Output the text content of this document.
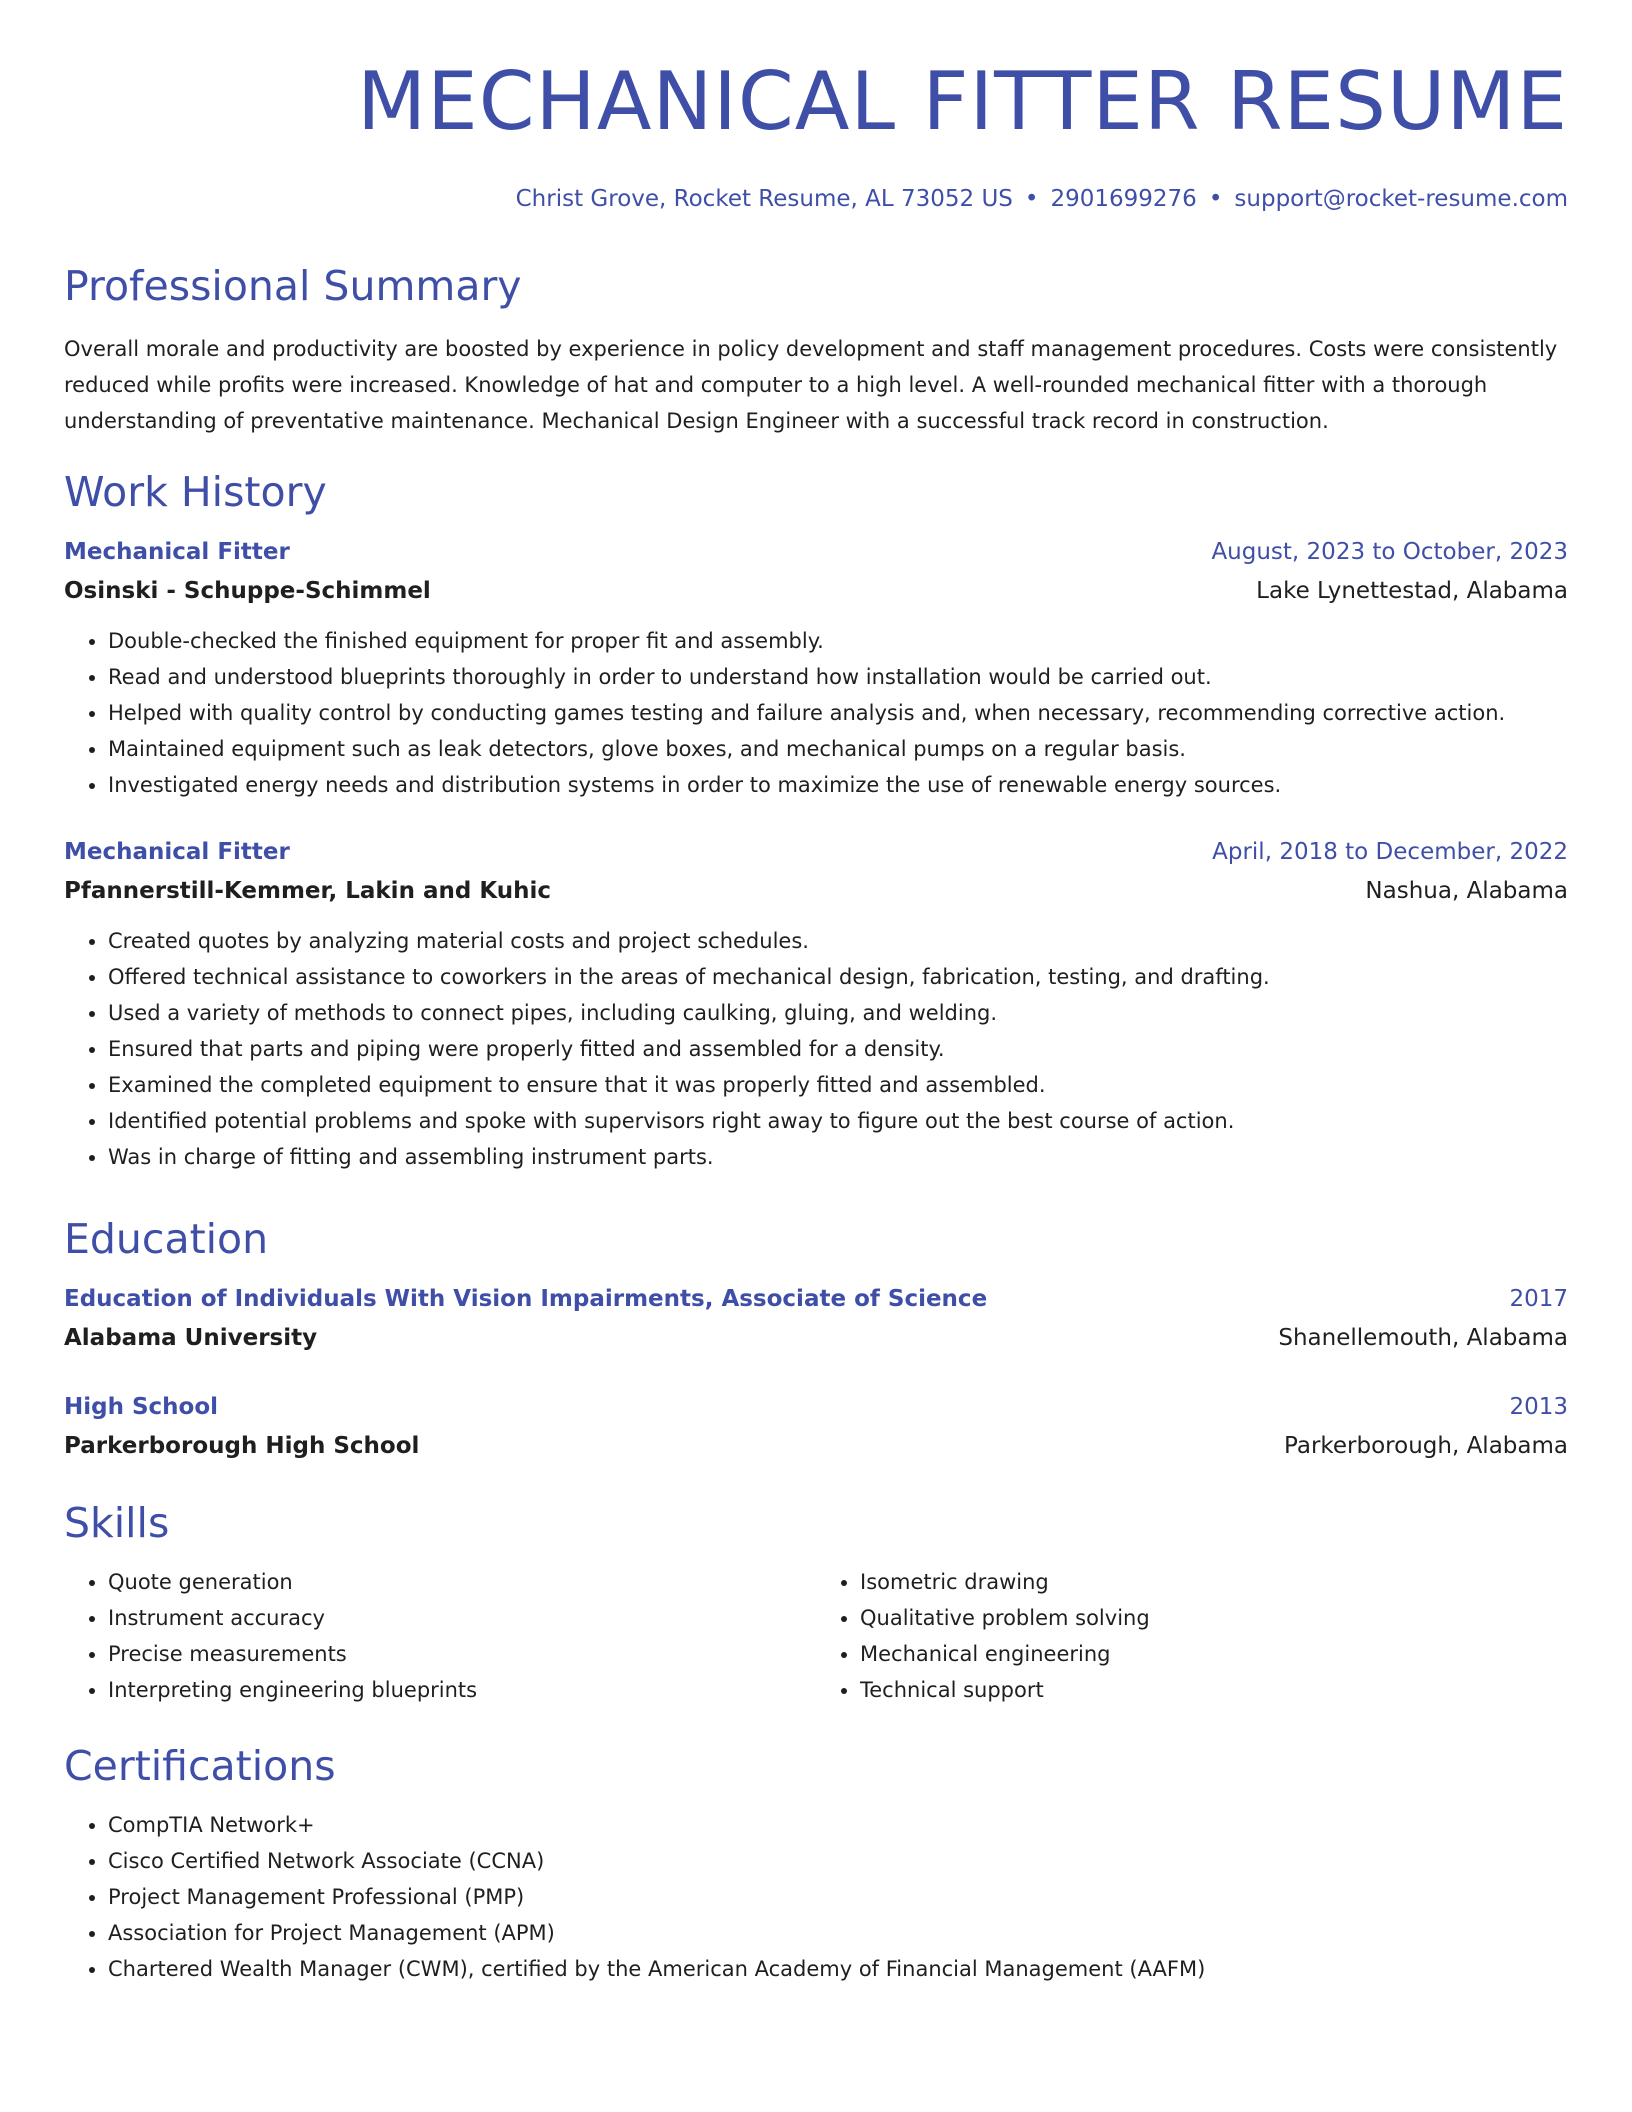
MECHANICAL FITTER RESUME
Christ Grove, Rocket Resume, AL 73052 US • 2901699276 • support@rocket-resume.com
Professional Summary

Overall morale and productivity are boosted by experience in policy development and staff management procedures. Costs were consistently reduced while profits were increased. Knowledge of hat and computer to a high level. A well-rounded mechanical fitter with a thorough understanding of preventative maintenance. Mechanical Design Engineer with a successful track record in construction.

Work History
Mechanical Fitter	August, 2023 to October, 2023
Osinski - Schuppe-Schimmel	Lake Lynettestad, Alabama
• Double-checked the finished equipment for proper fit and assembly.
• Read and understood blueprints thoroughly in order to understand how installation would be carried out.
• Helped with quality control by conducting games testing and failure analysis and, when necessary, recommending corrective action.
• Maintained equipment such as leak detectors, glove boxes, and mechanical pumps on a regular basis.
• Investigated energy needs and distribution systems in order to maximize the use of renewable energy sources.
Mechanical Fitter	April, 2018 to December, 2022
Pfannerstill-Kemmer, Lakin and Kuhic	Nashua, Alabama
• Created quotes by analyzing material costs and project schedules.
• Offered technical assistance to coworkers in the areas of mechanical design, fabrication, testing, and drafting.
• Used a variety of methods to connect pipes, including caulking, gluing, and welding.
• Ensured that parts and piping were properly fitted and assembled for a density.
• Examined the completed equipment to ensure that it was properly fitted and assembled.
• Identified potential problems and spoke with supervisors right away to figure out the best course of action.
• Was in charge of fitting and assembling instrument parts.
Education
Education of Individuals With Vision Impairments, Associate of Science	2017
Alabama University	Shanellemouth, Alabama
High School	2013
Parkerborough High School	Parkerborough, Alabama
Skills
• Quote generation
• Instrument accuracy
• Precise measurements
• Interpreting engineering blueprints
• Isometric drawing
• Qualitative problem solving
• Mechanical engineering
• Technical support
Certifications
• CompTIA Network+
• Cisco Certified Network Associate (CCNA)
• Project Management Professional (PMP)
• Association for Project Management (APM)
• Chartered Wealth Manager (CWM), certified by the American Academy of Financial Management (AAFM)
